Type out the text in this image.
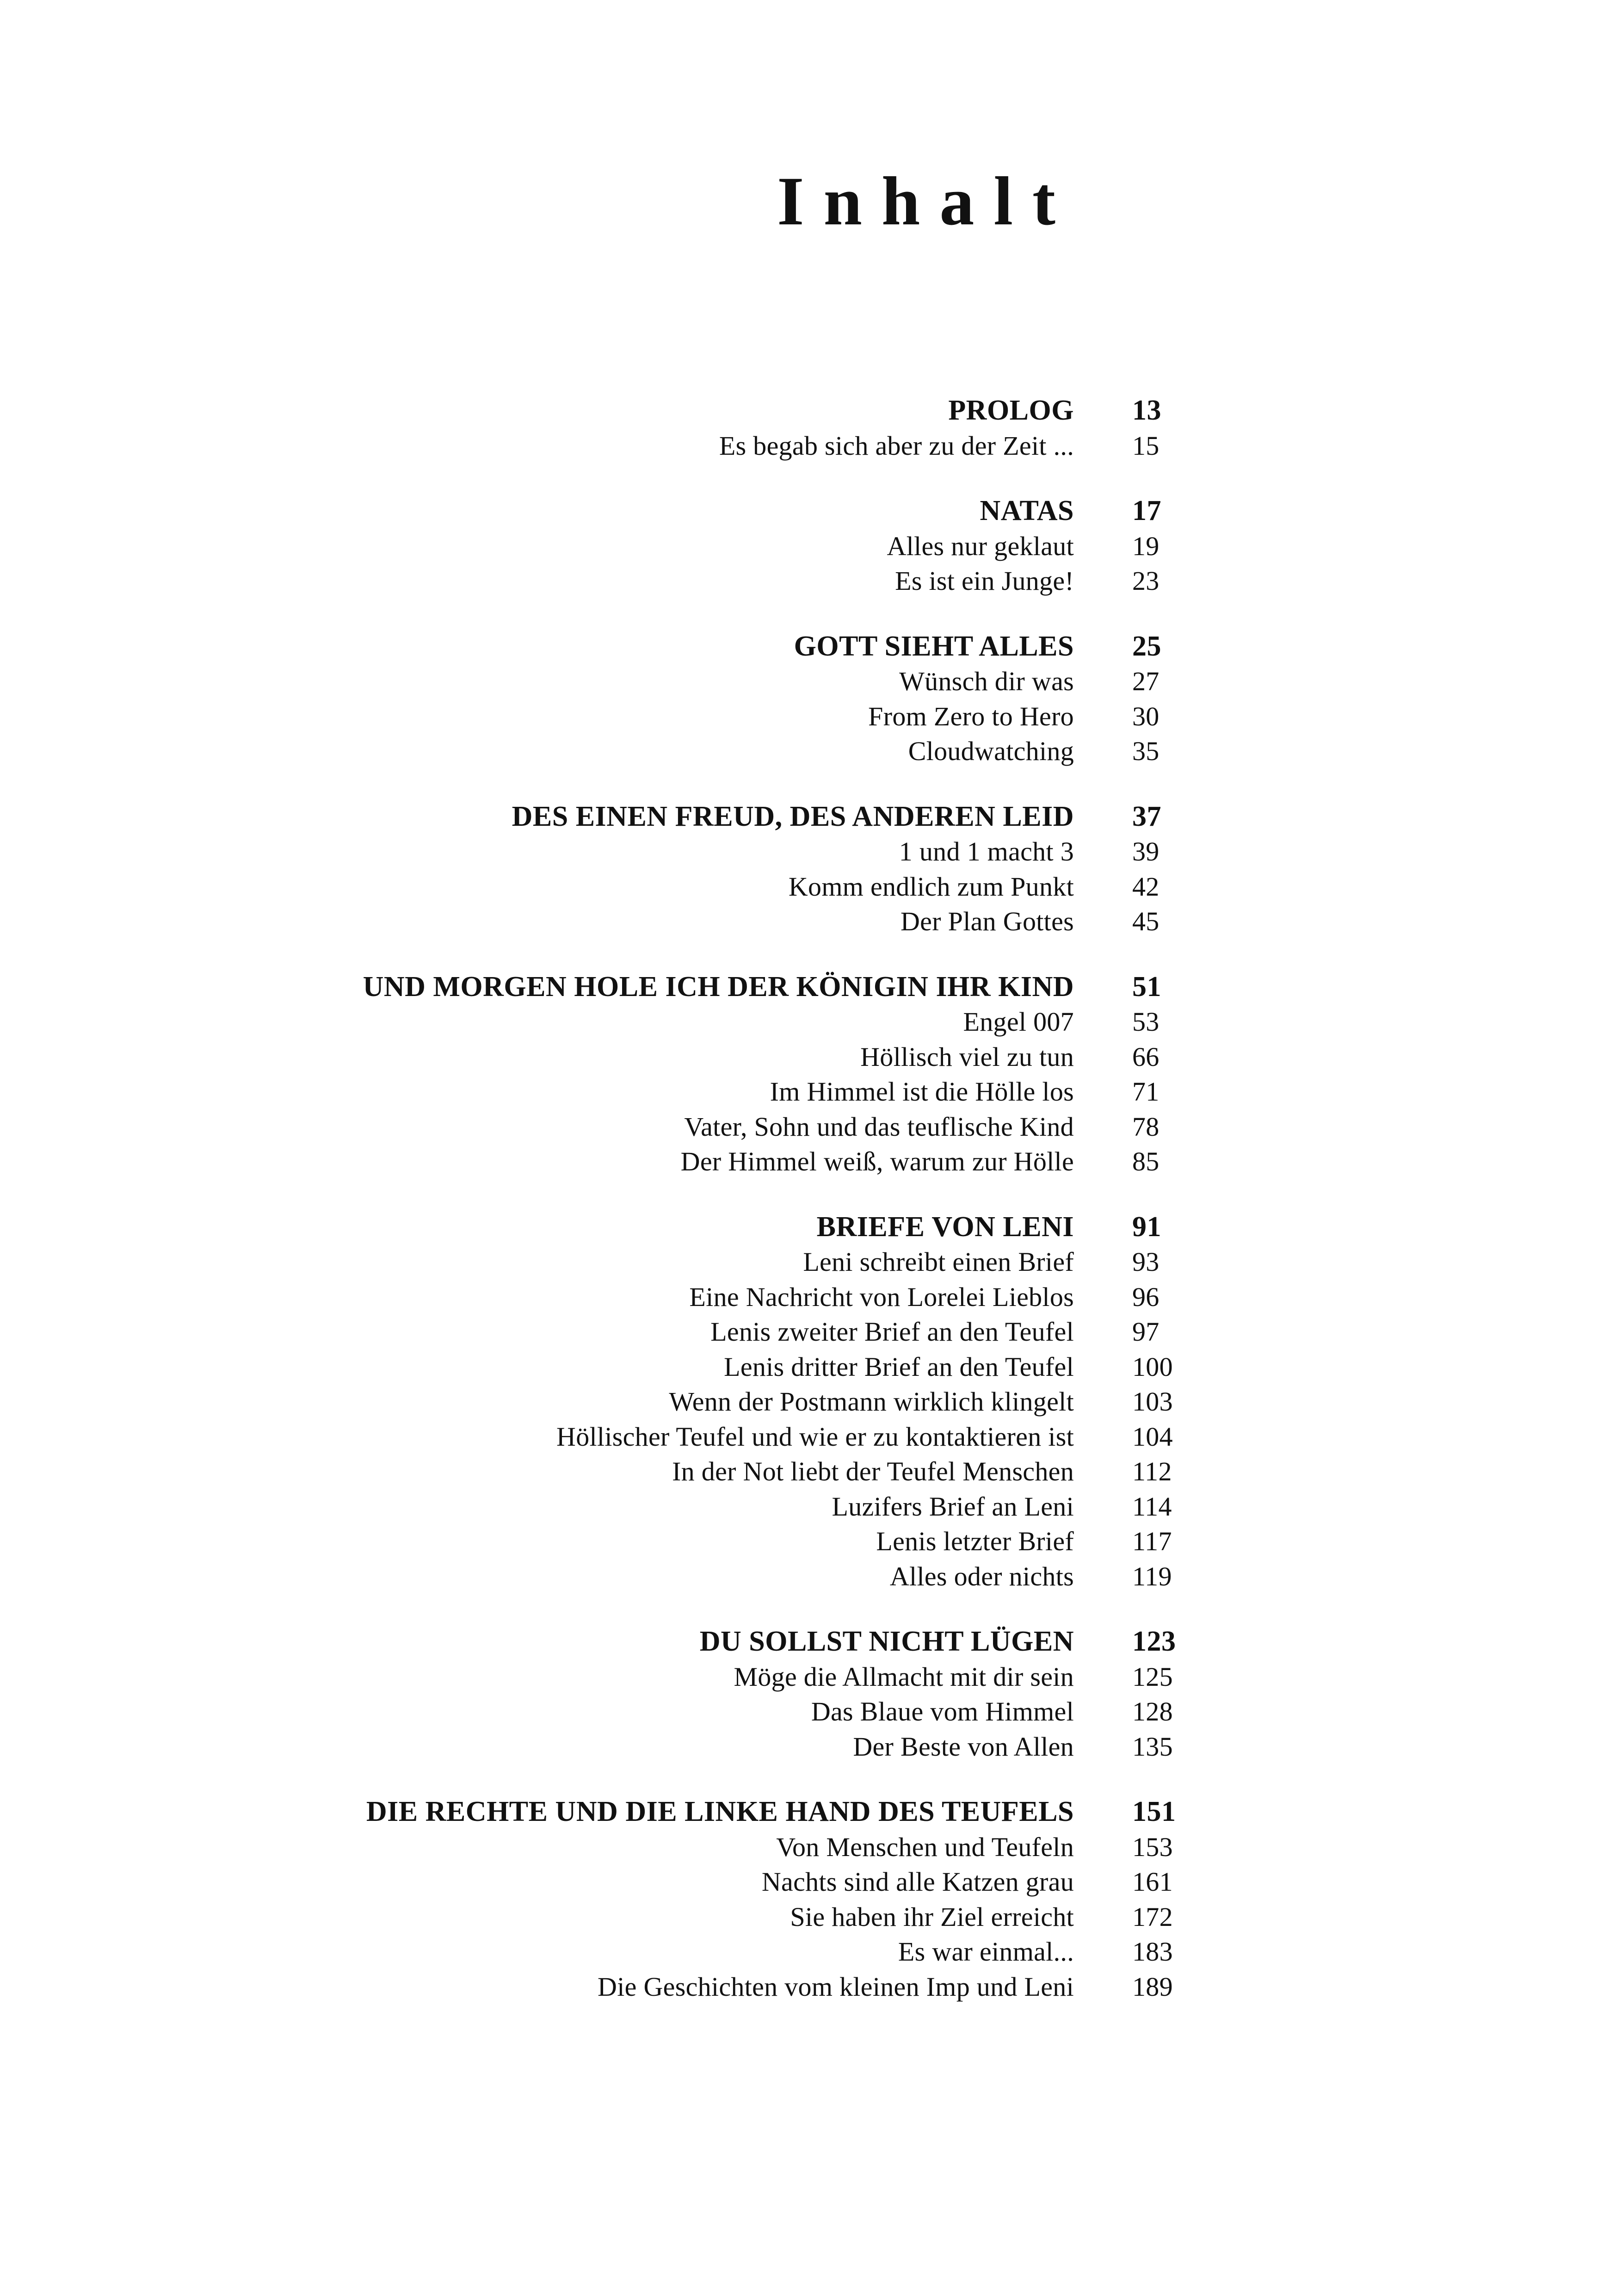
Inhalt
PROLOG 13
Es begab sich aber zu der Zeit ... 15
NATAS 17
Alles nur geklaut 19
Es ist ein Junge! 23
GOTT SIEHT ALLES 25
Wünsch dir was 27
From Zero to Hero 30
Cloudwatching 35
DES EINEN FREUD, DES ANDEREN LEID 37
1 und 1 macht 3 39
Komm endlich zum Punkt 42
Der Plan Gottes 45
UND MORGEN HOLE ICH DER KÖNIGIN IHR KIND 51
Engel 007 53
Höllisch viel zu tun 66
Im Himmel ist die Hölle los 71
Vater, Sohn und das teuflische Kind 78
Der Himmel weiß, warum zur Hölle 85
BRIEFE VON LENI 91
Leni schreibt einen Brief 93
Eine Nachricht von Lorelei Lieblos 96
Lenis zweiter Brief an den Teufel 97
Lenis dritter Brief an den Teufel 100
Wenn der Postmann wirklich klingelt 103
Höllischer Teufel und wie er zu kontaktieren ist 104
In der Not liebt der Teufel Menschen 112
Luzifers Brief an Leni 114
Lenis letzter Brief 117
Alles oder nichts 119
DU SOLLST NICHT LÜGEN 123
Möge die Allmacht mit dir sein 125
Das Blaue vom Himmel 128
Der Beste von Allen 135
DIE RECHTE UND DIE LINKE HAND DES TEUFELS 151
Von Menschen und Teufeln 153
Nachts sind alle Katzen grau 161
Sie haben ihr Ziel erreicht 172
Es war einmal... 183
Die Geschichten vom kleinen Imp und Leni 189
